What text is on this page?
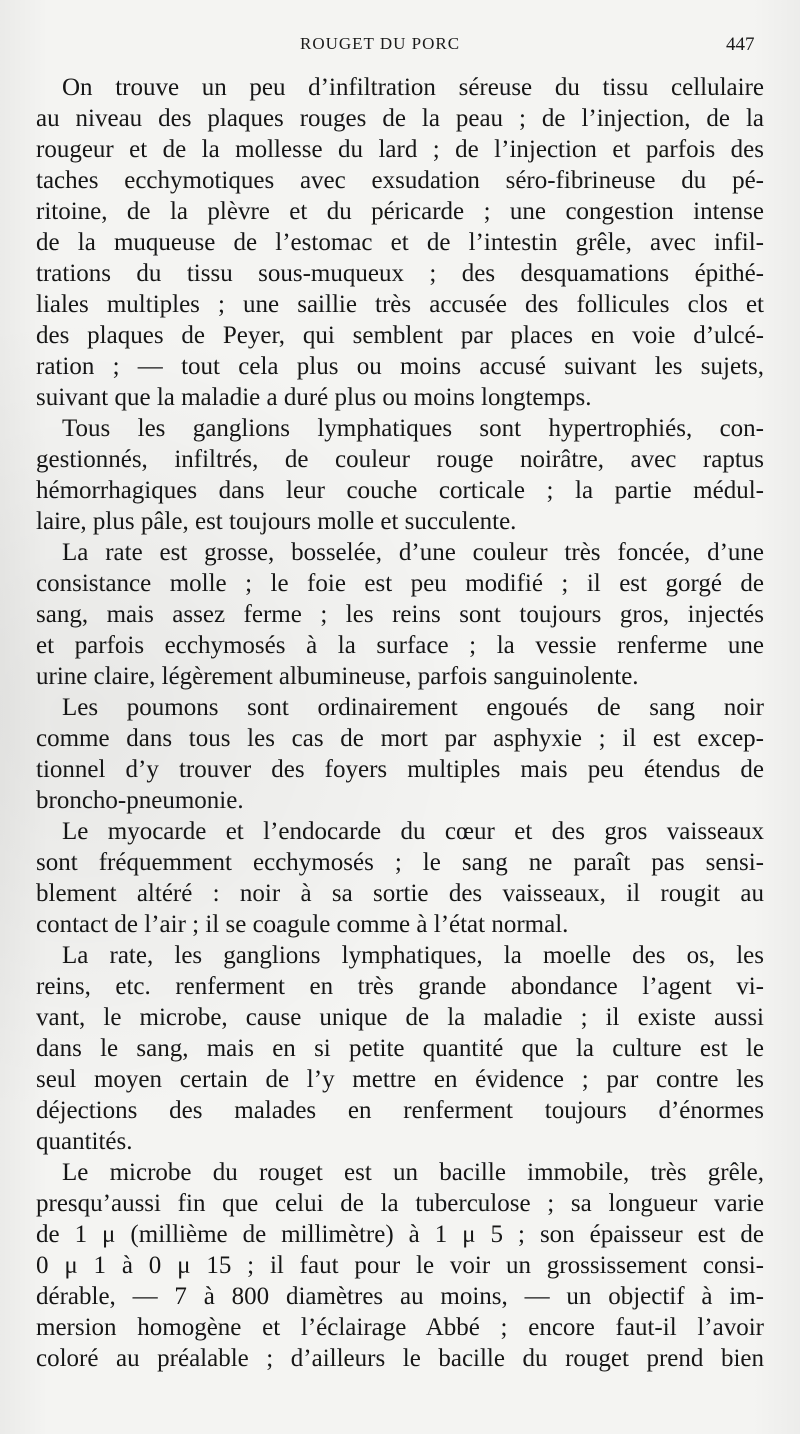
ROUGET DU PORC	447
On trouve un peu d’infiltration séreuse du tissu cellulaire
au niveau des plaques rouges de la peau ; de l’injection, de la
rougeur et de la mollesse du lard ; de l’injection et parfois des
taches ecchymotiques avec exsudation séro-fibrineuse du pé-
ritoine, de la plèvre et du péricarde ; une congestion intense
de la muqueuse de l’estomac et de l’intestin grêle, avec infil-
trations du tissu sous-muqueux ; des desquamations épithé-
liales multiples ; une saillie très accusée des follicules clos et
des plaques de Peyer, qui semblent par places en voie d’ulcé-
ration ; — tout cela plus ou moins accusé suivant les sujets,
suivant que la maladie a duré plus ou moins longtemps.
Tous les ganglions lymphatiques sont hypertrophiés, con-
gestionnés, infiltrés, de couleur rouge noirâtre, avec raptus
hémorrhagiques dans leur couche corticale ; la partie médul-
laire, plus pâle, est toujours molle et succulente.
La rate est grosse, bosselée, d’une couleur très foncée, d’une
consistance molle ; le foie est peu modifié ; il est gorgé de
sang, mais assez ferme ; les reins sont toujours gros, injectés
et parfois ecchymosés à la surface ; la vessie renferme une
urine claire, légèrement albumineuse, parfois sanguinolente.
Les poumons sont ordinairement engoués de sang noir
comme dans tous les cas de mort par asphyxie ; il est excep-
tionnel d’y trouver des foyers multiples mais peu étendus de
broncho-pneumonie.
Le myocarde et l’endocarde du cœur et des gros vaisseaux
sont fréquemment ecchymosés ; le sang ne paraît pas sensi-
blement altéré : noir à sa sortie des vaisseaux, il rougit au
contact de l’air ; il se coagule comme à l’état normal.
La rate, les ganglions lymphatiques, la moelle des os, les
reins, etc. renferment en très grande abondance l’agent vi-
vant, le microbe, cause unique de la maladie ; il existe aussi
dans le sang, mais en si petite quantité que la culture est le
seul moyen certain de l’y mettre en évidence ; par contre les
déjections des malades en renferment toujours d’énormes
quantités.
Le microbe du rouget est un bacille immobile, très grêle,
presqu’aussi fin que celui de la tuberculose ; sa longueur varie
de 1 μ (millième de millimètre) à 1 μ 5 ; son épaisseur est de
0 μ 1 à 0 μ 15 ; il faut pour le voir un grossissement consi-
dérable, — 7 à 800 diamètres au moins, — un objectif à im-
mersion homogène et l’éclairage Abbé ; encore faut-il l’avoir
coloré au préalable ; d’ailleurs le bacille du rouget prend bien
